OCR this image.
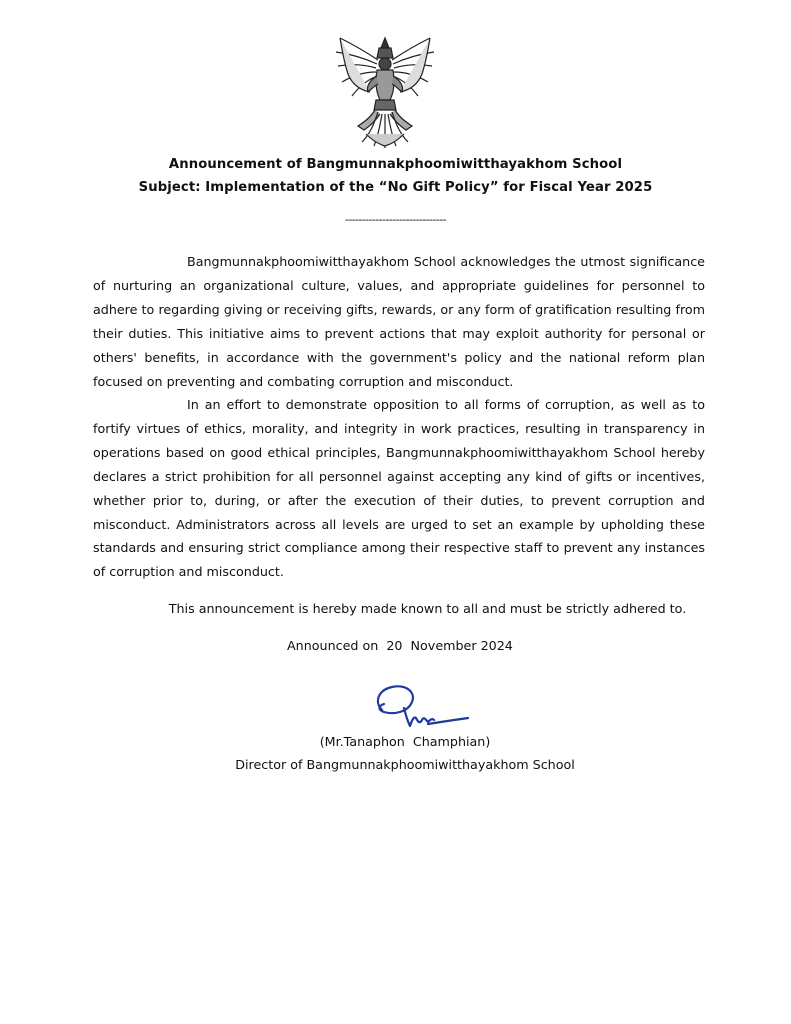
Announcement of Bangmunnakphoomiwitthayakhom School
Subject: Implementation of the “No Gift Policy” for Fiscal Year 2025
------------------------------

Bangmunnakphoomiwitthayakhom School acknowledges the utmost significance of nurturing an organizational culture, values, and appropriate guidelines for personnel to adhere to regarding giving or receiving gifts, rewards, or any form of gratification resulting from their duties. This initiative aims to prevent actions that may exploit authority for personal or others' benefits, in accordance with the government's policy and the national reform plan focused on preventing and combating corruption and misconduct.

In an effort to demonstrate opposition to all forms of corruption, as well as to fortify virtues of ethics, morality, and integrity in work practices, resulting in transparency in operations based on good ethical principles, Bangmunnakphoomiwitthayakhom School hereby declares a strict prohibition for all personnel against accepting any kind of gifts or incentives, whether prior to, during, or after the execution of their duties, to prevent corruption and misconduct. Administrators across all levels are urged to set an example by upholding these standards and ensuring strict compliance among their respective staff to prevent any instances of corruption and misconduct.

This announcement is hereby made known to all and must be strictly adhered to.
Announced on  20  November 2024
(Mr.Tanaphon  Champhian)
Director of Bangmunnakphoomiwitthayakhom School
